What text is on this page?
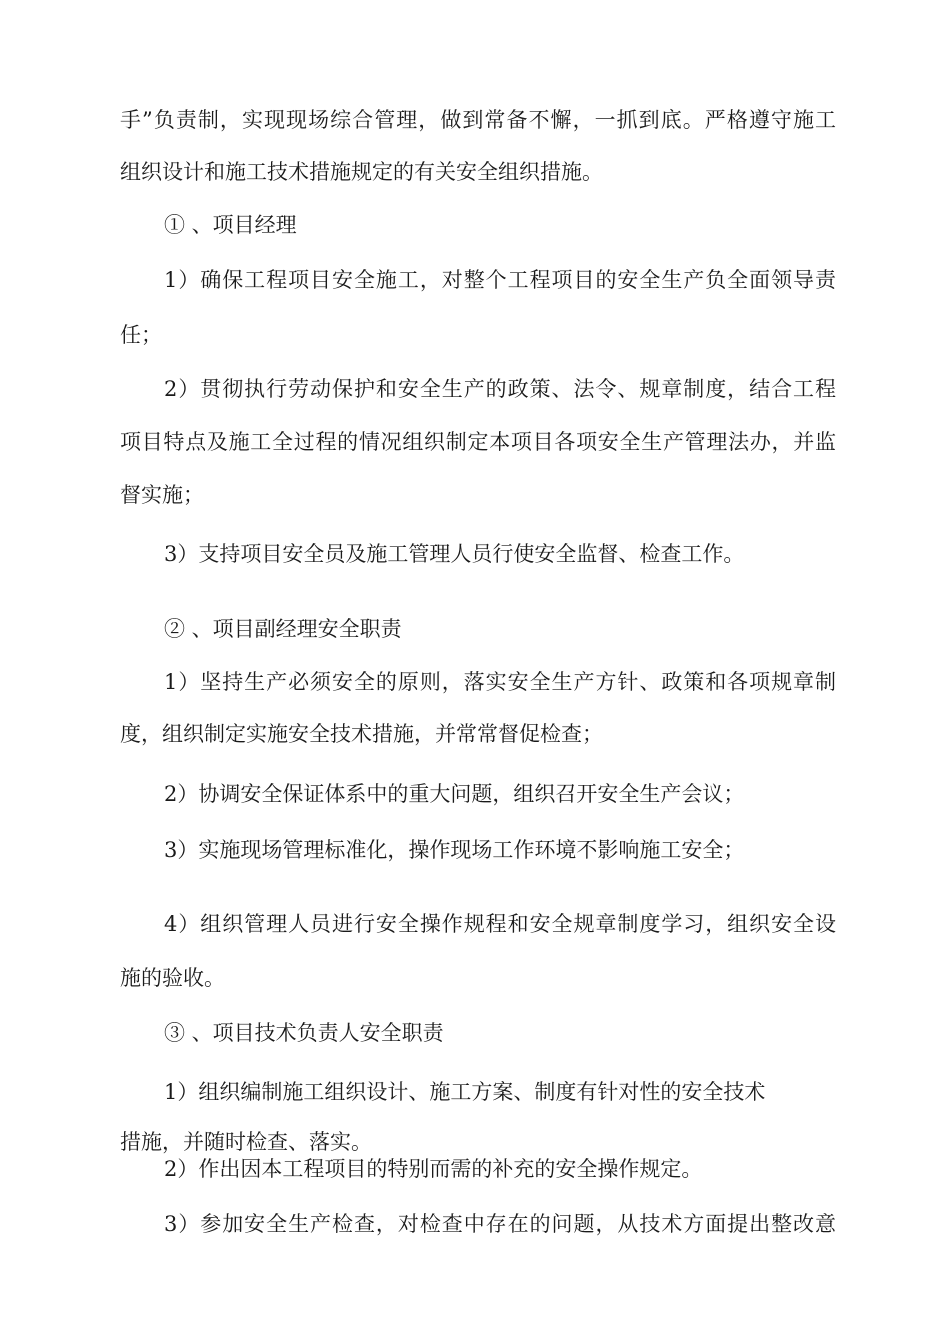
手”负责制，实现现场综合管理，做到常备不懈，一抓到底。严格遵守施工
组织设计和施工技术措施规定的有关安全组织措施。
① 、项目经理
1）确保工程项目安全施工，对整个工程项目的安全生产负全面领导责
任；
2）贯彻执行劳动保护和安全生产的政策、法令、规章制度，结合工程
项目特点及施工全过程的情况组织制定本项目各项安全生产管理法办，并监
督实施；
3）支持项目安全员及施工管理人员行使安全监督、检查工作。
② 、项目副经理安全职责
1）坚持生产必须安全的原则，落实安全生产方针、政策和各项规章制
度，组织制定实施安全技术措施，并常常督促检查；
2）协调安全保证体系中的重大问题，组织召开安全生产会议；
3）实施现场管理标准化，操作现场工作环境不影响施工安全；
4）组织管理人员进行安全操作规程和安全规章制度学习，组织安全设
施的验收。
③ 、项目技术负责人安全职责
1）组织编制施工组织设计、施工方案、制度有针对性的安全技术
措施，并随时检查、落实。
2）作出因本工程项目的特别而需的补充的安全操作规定。
3）参加安全生产检查，对检查中存在的问题，从技术方面提出整改意
